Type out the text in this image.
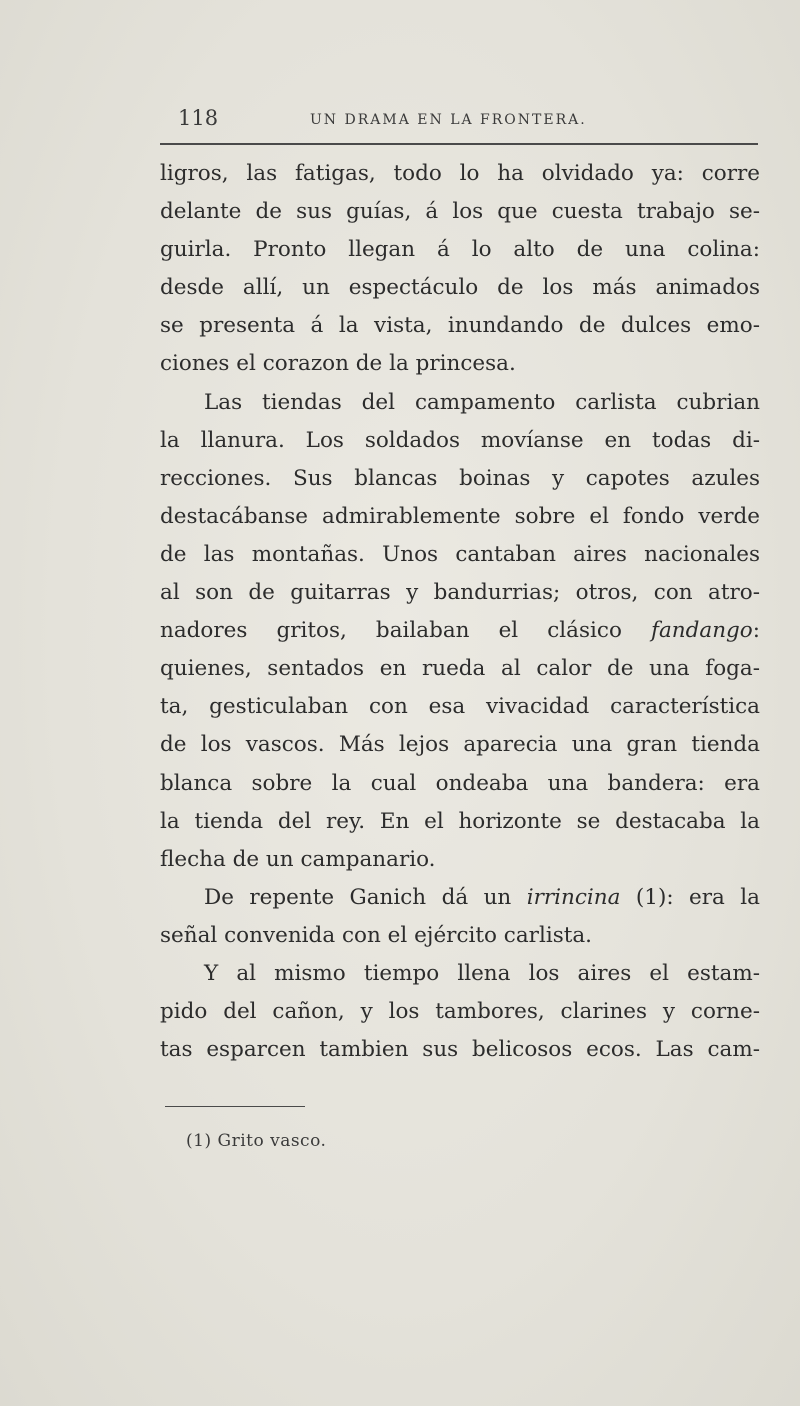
118	UN DRAMA EN LA FRONTERA.
ligros, las fatigas, todo lo ha olvidado ya: corre
delante de sus guías, á los que cuesta trabajo se-
guirla. Pronto llegan á lo alto de una colina:
desde allí, un espectáculo de los más animados
se presenta á la vista, inundando de dulces emo-
ciones el corazon de la princesa.
Las tiendas del campamento carlista cubrian
la llanura. Los soldados movíanse en todas di-
recciones. Sus blancas boinas y capotes azules
destacábanse admirablemente sobre el fondo verde
de las montañas. Unos cantaban aires nacionales
al son de guitarras y bandurrias; otros, con atro-
nadores gritos, bailaban el clásico fandango:
quienes, sentados en rueda al calor de una foga-
ta, gesticulaban con esa vivacidad característica
de los vascos. Más lejos aparecia una gran tienda
blanca sobre la cual ondeaba una bandera: era
la tienda del rey. En el horizonte se destacaba la
flecha de un campanario.
De repente Ganich dá un irrincina (1): era la
señal convenida con el ejército carlista.
Y al mismo tiempo llena los aires el estam-
pido del cañon, y los tambores, clarines y corne-
tas esparcen tambien sus belicosos ecos. Las cam-
(1) Grito vasco.
